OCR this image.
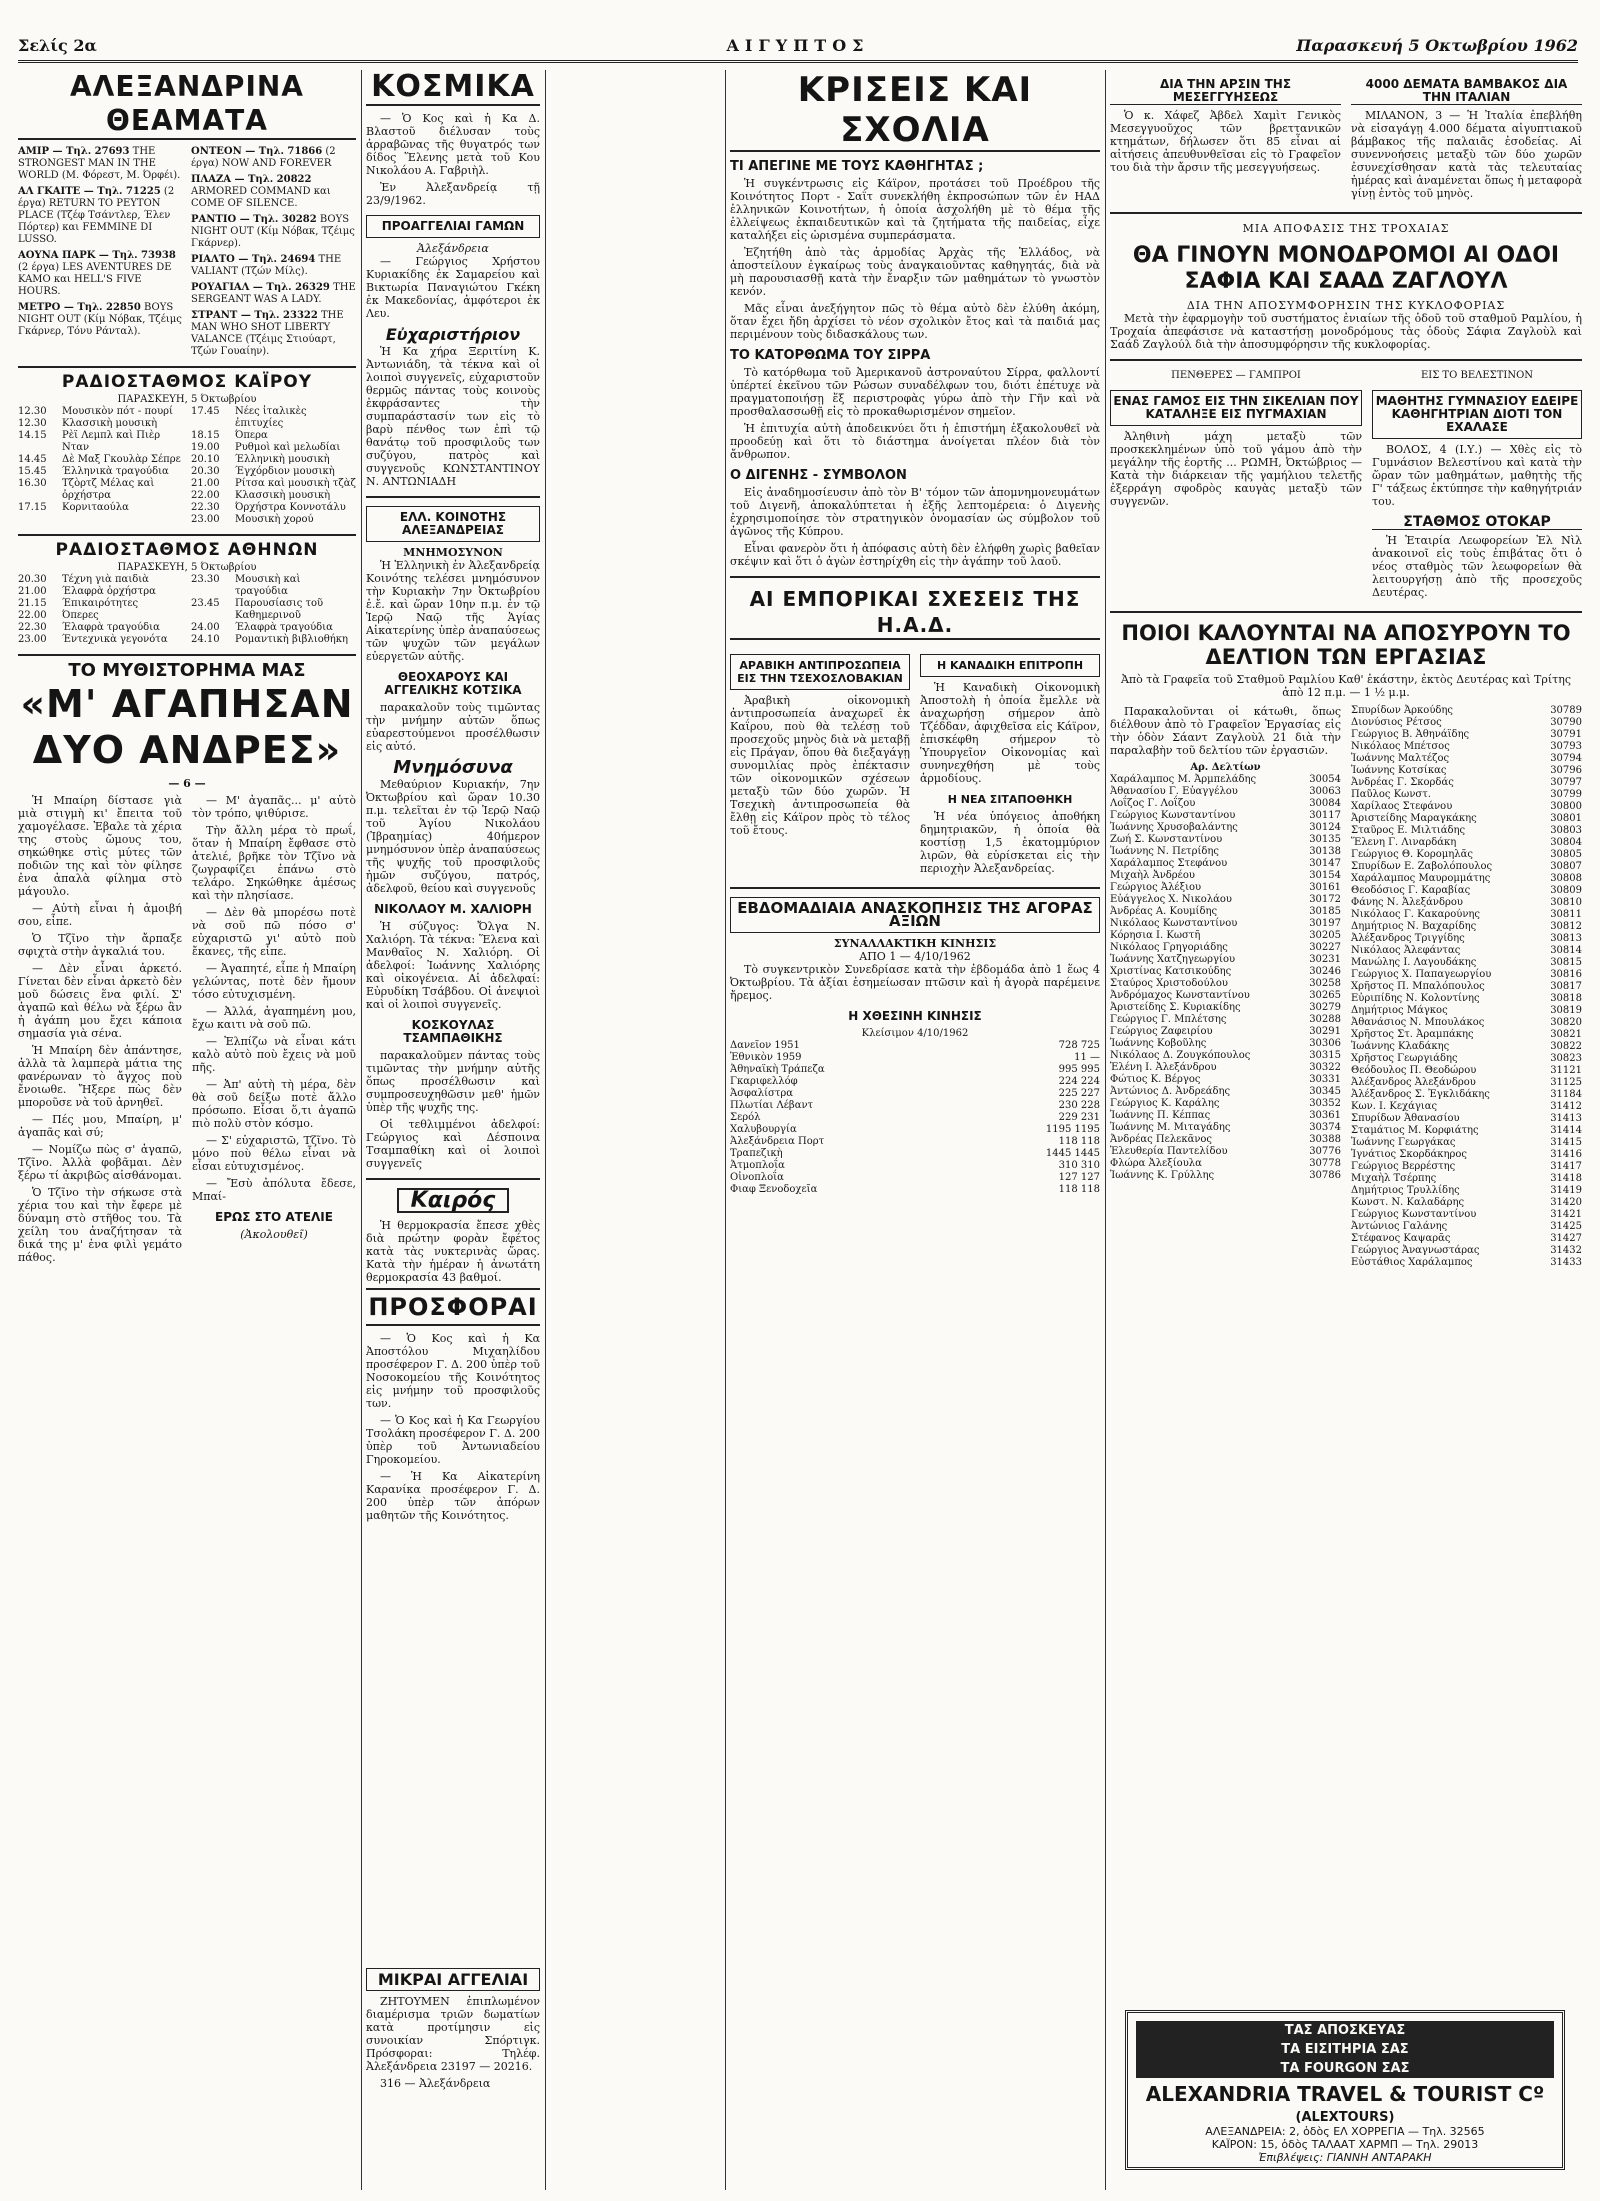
Σελίς 2α	ΑΙΓΥΠΤΟΣ	Παρασκευή 5 Οκτωβρίου 1962
ΑΛΕΞΑΝΔΡΙΝΑ ΘΕΑΜΑΤΑ
ΑΜΙΡ — Τηλ. 27693 THE STRONGEST MAN IN THE WORLD (Μ. Φόρεστ, Μ. Όρφέι).
ΑΛ ΓΚΑΙΤΕ — Τηλ. 71225 (2 έργα) RETURN TO PEYTON PLACE (Τζέφ Τσάντλερ, Έλεν Πόρτερ) και FEMMINE DI LUSSO.
ΑΟΥΝΑ ΠΑΡΚ — Τηλ. 73938 (2 έργα) LES AVENTURES DE KAMO και HELL'S FIVE HOURS.
ΜΕΤΡΟ — Τηλ. 22850 BOYS NIGHT OUT (Κίμ Νόβακ, Τζέιμς Γκάρνερ, Τόνυ Ράνταλ).
ΟΝΤΕΟΝ — Τηλ. 71866 (2 έργα) NOW AND FOREVER
ΠΛΑΖΑ — Τηλ. 20822 ARMORED COMMAND και COME OF SILENCE.
ΡΑΝΤΙΟ — Τηλ. 30282 BOYS NIGHT OUT (Κίμ Νόβακ, Τζέιμς Γκάρνερ).
ΡΙΑΛΤΟ — Τηλ. 24694 THE VALIANT (Τζών Μίλς).
ΡΟΥΑΓΙΑΛ — Τηλ. 26329 THE SERGEANT WAS A LADY.
ΣΤΡΑΝΤ — Τηλ. 23322 THE MAN WHO SHOT LIBERTY VALANCE (Τζέιμς Στιούαρτ, Τζών Γουαίην).
ΡΑΔΙΟΣΤΑΘΜΟΣ ΚΑΪΡΟΥ
ΠΑΡΑΣΚΕΥΗ, 5 Όκτωβρίου
12.30	Μουσικὸν πότ - πουρί
12.30	Κλασσικὴ μουσικὴ
14.15	Ρὲϊ Λεμπλ καὶ Πιὲρ Νταν
14.45	Δὲ Μαξ Γκουλὰρ Σέπρε
15.45	Έλληνικὰ τραγούδια
16.30	Τζὸρτζ Μέλας καὶ ὀρχήστρα
17.15	Κορνιταούλα
17.45	Νέες ἰταλικὲς ἐπιτυχίες
18.15	Όπερα
19.00	Ρυθμοὶ καὶ μελωδίαι
20.10	Έλληνικὴ μουσικὴ
20.30	Έγχόρδιον μουσικὴ
21.00	Ρίτσα καὶ μουσικὴ τζὰζ
22.00	Κλασσικὴ μουσικὴ
22.30	Όρχήστρα Κοννοτάλυ
23.00	Μουσικὴ χορού
ΡΑΔΙΟΣΤΑΘΜΟΣ ΑΘΗΝΩΝ
ΠΑΡΑΣΚΕΥΗ, 5 Όκτωβρίου
20.30	Τέχνη γιὰ παιδιὰ
21.00	Έλαφρὰ ὀρχήστρα
21.15	Έπικαιρότητες
22.00	Όπερες
22.30	Έλαφρὰ τραγούδια
23.00	Έντεχνικὰ γεγονότα
23.30	Μουσικὴ καὶ τραγούδια
23.45	Παρουσίασις τοῦ Καθημερινοῦ
24.00	Έλαφρὰ τραγούδια
24.10	Ρομαντικὴ βιβλιοθήκη
ΤΟ ΜΥΘΙΣΤΟΡΗΜΑ ΜΑΣ
«Μ' ΑΓΑΠΗΣΑΝ ΔΥΟ ΑΝΔΡΕΣ»
— 6 —

Ἡ Μπαίρη δίστασε γιὰ μιὰ στιγμὴ κι' ἔπειτα τοῦ χαμογέλασε. Ἐβαλε τὰ χέρια της στοὺς ὤμους του, σηκώθηκε στὶς μύτες τῶν ποδιῶν της καὶ τὸν φίλησε ἐνα ἀπαλὰ φίλημα στὸ μάγουλο.

— Αὐτὴ εἶναι ἡ ἀμοιβή σου, εἶπε.

Ὁ Τζῖνο τὴν ἄρπαξε σφιχτὰ στὴν ἀγκαλιά του.

— Δὲν εἶναι ἀρκετό. Γίνεται δὲν εἶναι ἀρκετὸ δὲν μοῦ δώσεις ἕνα φιλί. Σ' ἀγαπῶ καὶ θέλω νὰ ξέρω ἂν ἡ ἀγάπη μου ἔχει κάποια σημασία γιὰ σένα.

Ἡ Μπαίρη δὲν ἀπάντησε, ἀλλὰ τὰ λαμπερὰ μάτια της φανέρωναν τὸ ἄγχος ποὺ ἔνοιωθε. Ἤξερε πὼς δὲν μποροῦσε νὰ τοῦ ἀρνηθεῖ.

— Πές μου, Μπαίρη, μ' ἀγαπᾶς καὶ σύ;

— Νομίζω πὼς σ' ἀγαπῶ, Τζῖνο. Ἀλλὰ φοβᾶμαι. Δὲν ξέρω τί ἀκριβῶς αἰσθάνομαι.

Ὁ Τζῖνο τὴν σήκωσε στὰ χέρια του καὶ τὴν ἔφερε μὲ δύναμη στὸ στῆθος του. Τὰ χείλη του ἀναζήτησαν τὰ δικά της μ' ἐνα φιλὶ γεμάτο πάθος.

— Μ' ἀγαπᾶς... μ' αὐτὸ τὸν τρόπο, ψιθύρισε.

Τὴν ἄλλη μέρα τὸ πρωΐ, ὅταν ἡ Μπαίρη ἔφθασε στὸ ἀτελιέ, βρῆκε τὸν Τζῖνο νὰ ζωγραφίζει ἐπάνω στὸ τελάρο. Σηκώθηκε ἀμέσως καὶ τὴν πλησίασε.

— Δὲν θὰ μπορέσω ποτὲ νὰ σοῦ πῶ πόσο σ' εὐχαριστῶ γι' αὐτὸ ποὺ ἔκανες, τῆς εἶπε.

— Ἀγαπητέ, εἶπε ἡ Μπαίρη γελώντας, ποτὲ δὲν ἤμουν τόσο εὐτυχισμένη.

— Ἀλλά, ἀγαπημένη μου, ἔχω καιτι νὰ σοῦ πῶ.

— Ἐλπίζω νὰ εἶναι κάτι καλὸ αὐτὸ ποὺ ἔχεις νὰ μοῦ πῆς.

— Ἀπ' αὐτὴ τὴ μέρα, δὲν θὰ σοῦ δείξω ποτὲ ἄλλο πρόσωπο. Εἶσαι ὅ,τι ἀγαπῶ πιὸ πολὺ στὸν κόσμο.

— Σ' εὐχαριστῶ, Τζῖνο. Τὸ μόνο ποὺ θέλω εἶναι νὰ εἶσαι εὐτυχισμένος.

— Ἔσὺ ἀπόλυτα ἔδεσε, Μπαί-

ΕΡΩΣ ΣΤΟ ΑΤΕΛΙΕ
(Ἀκολουθεῖ)
ΚΟΣΜΙΚΑ

— Ὁ Κος καὶ ἡ Κα Δ. Βλαστοῦ διέλυσαν τοὺς ἀρραβῶνας τῆς θυγατρός των δίδος Ἕλενης μετὰ τοῦ Κου Νικολάου Α. Γαβριὴλ.

Ἐν Ἀλεξανδρείᾳ τῇ 23/9/1962.

ΠΡΟΑΓΓΕΛΙΑΙ ΓΑΜΩΝ
Ἀλεξάνδρεια

— Γεώργιος Χρήστου Κυριακίδης ἐκ Σαμαρείου καὶ Βικτωρία Παναγιώτου Γκέκη ἐκ Μακεδονίας, ἀμφότεροι ἐκ Λευ.

Εὐχαριστήριον

Ἡ Κα χήρα Ξεριτίνη Κ. Ἀντωνιάδη, τὰ τέκνα καὶ οἱ λοιποὶ συγγενεῖς, εὐχαριστοῦν θερμῶς πάντας τοὺς κοινοὺς ἐκφράσαντες τὴν συμπαράστασίν των εἰς τὸ βαρὺ πένθος των ἐπὶ τῷ θανάτῳ τοῦ προσφιλοῦς των συζύγου, πατρὸς καὶ συγγενοῦς ΚΩΝΣΤΑΝΤΙΝΟΥ Ν. ΑΝΤΩΝΙΑΔΗ

ΕΛΛ. ΚΟΙΝΟΤΗΣ ΑΛΕΞΑΝΔΡΕΙΑΣ
ΜΝΗΜΟΣΥΝΟΝ

Ἡ Ἑλληνικὴ ἐν Ἀλεξανδρείᾳ Κοινότης τελέσει μνημόσυνον τὴν Κυριακὴν 7ην Ὀκτωβρίου ἐ.ἔ. καὶ ὥραν 10ην π.μ. ἐν τῷ Ἱερῷ Ναῷ τῆς Ἁγίας Αἰκατερίνης ὑπὲρ ἀναπαύσεως τῶν ψυχῶν τῶν μεγάλων εὐεργετῶν αὐτῆς.

ΘΕΟΧΑΡΟΥΣ ΚΑΙ ΑΓΓΕΛΙΚΗΣ ΚΟΤΣΙΚΑ

παρακαλοῦν τοὺς τιμῶντας τὴν μνήμην αὐτῶν ὅπως εὐαρεστούμενοι προσέλθωσιν εἰς αὐτό.

Μνημόσυνα

Μεθαύριον Κυριακήν, 7ην Ὀκτωβρίου καὶ ὥραν 10.30 π.μ. τελεῖται ἐν τῷ Ἱερῷ Ναῷ τοῦ Ἁγίου Νικολάου (Ἰβραημίας) 40ήμερον μνημόσυνον ὑπὲρ ἀναπαύσεως τῆς ψυχῆς τοῦ προσφιλοῦς ἡμῶν συζύγου, πατρός, ἀδελφοῦ, θείου καὶ συγγενοῦς

ΝΙΚΟΛΑΟΥ Μ. ΧΑΛΙΟΡΗ

Ἡ σύζυγος: Ὄλγα Ν. Χαλιόρη. Τὰ τέκνα: Ἕλενα καὶ Μανθαῖος Ν. Χαλιόρη. Οἱ ἀδελφοί: Ἰωάννης Χαλιόρης καὶ οἰκογένεια. Αἱ ἀδελφαί: Εὐρυδίκη Τσάβδου. Οἱ ἀνεψιοὶ καὶ οἱ λοιποὶ συγγενεῖς.

ΚΟΣΚΟΥΛΑΣ ΤΣΑΜΠΑΘΙΚΗΣ

παρακαλοῦμεν πάντας τοὺς τιμῶντας τὴν μνήμην αὐτῆς ὅπως προσέλθωσιν καὶ συμπροσευχηθῶσιν μεθ' ἡμῶν ὑπὲρ τῆς ψυχῆς της.

Οἱ τεθλιμμένοι ἀδελφοί: Γεώργιος καὶ Δέσποινα Τσαμπαθίκη καὶ οἱ λοιποὶ συγγενεῖς

Καιρός

Ἡ θερμοκρασία ἔπεσε χθὲς διὰ πρώτην φορὰν ἔφέτος κατὰ τὰς νυκτερινὰς ὥρας. Κατὰ τὴν ἡμέραν ἡ ἀνωτάτη θερμοκρασία 43 βαθμοί.

ΠΡΟΣΦΟΡΑΙ

— Ὁ Κος καὶ ἡ Κα Ἀποστόλου Μιχαηλίδου προσέφερον Γ. Δ. 200 ὑπὲρ τοῦ Νοσοκομείου τῆς Κοινότητος εἰς μνήμην τοῦ προσφιλοῦς των.

— Ὁ Κος καὶ ἡ Κα Γεωργίου Τσολάκη προσέφερον Γ. Δ. 200 ὑπὲρ τοῦ Ἀντωνιαδείου Γηροκομείου.

— Ἡ Κα Αἰκατερίνη Καρανίκα προσέφερον Γ. Δ. 200 ὑπὲρ τῶν ἀπόρων μαθητῶν τῆς Κοινότητος.

ΚΡΙΣΕΙΣ ΚΑΙ ΣΧΟΛΙΑ
ΤΙ ΑΠΕΓΙΝΕ ΜΕ ΤΟΥΣ ΚΑΘΗΓΗΤΑΣ ;

Ἡ συγκέντρωσις εἰς Κάϊρον, προτάσει τοῦ Προέδρου τῆς Κοινότητος Πορτ - Σαΐτ συνεκλήθη ἐκπροσώπων τῶν ἐν ΗΑΔ ἑλληνικῶν Κοινοτήτων, ἡ ὁποία ἀσχολήθη μὲ τὸ θέμα τῆς ἐλλείψεως ἐκπαιδευτικῶν καὶ τὰ ζητήματα τῆς παιδείας, εἶχε καταλήξει εἰς ὡρισμένα συμπεράσματα.

Ἐζητήθη ἀπὸ τὰς ἀρμοδίας Ἀρχὰς τῆς Ἑλλάδος, νὰ ἀποστείλουν ἐγκαίρως τοὺς ἀναγκαιοῦντας καθηγητάς, διὰ νὰ μὴ παρουσιασθῇ κατὰ τὴν ἔναρξιν τῶν μαθημάτων τὸ γνωστὸν κενόν.

Μᾶς εἶναι ἀνεξήγητον πῶς τὸ θέμα αὐτὸ δὲν ἐλύθη ἀκόμη, ὅταν ἔχει ἤδη ἀρχίσει τὸ νέον σχολικὸν ἔτος καὶ τὰ παιδιά μας περιμένουν τοὺς διδασκάλους των.

ΤΟ ΚΑΤΟΡΘΩΜΑ ΤΟΥ ΣΙΡΡΑ

Τὸ κατόρθωμα τοῦ Ἀμερικανοῦ ἀστροναύτου Σίρρα, φαλλοντί ὑπέρτεί ἐκεῖνου τῶν Ρώσων συναδέλφων του, διότι ἐπέτυχε νὰ πραγματοποιήσῃ ἕξ περιστροφὰς γύρω ἀπὸ τὴν Γῆν καὶ νὰ προσθαλασσωθῇ εἰς τὸ προκαθωρισμένον σημεῖον.

Ἡ ἐπιτυχία αὐτὴ ἀποδεικνύει ὅτι ἡ ἐπιστήμη ἐξακολουθεῖ νὰ προοδεύῃ καὶ ὅτι τὸ διάστημα ἀνοίγεται πλέον διὰ τὸν ἄνθρωπον.

Ο ΔΙΓΕΝΗΣ - ΣΥΜΒΟΛΟΝ

Εἰς ἀναδημοσίευσιν ἀπὸ τὸν Β' τόμον τῶν ἀπομνημονευμάτων τοῦ Διγενῆ, ἀποκαλύπτεται ἡ ἐξῆς λεπτομέρεια: ὁ Διγενὴς ἐχρησιμοποίησε τὸν στρατηγικὸν ὀνομασίαν ὡς σύμβολον τοῦ ἀγῶνος τῆς Κύπρου.

Εἶναι φανερὸν ὅτι ἡ ἀπόφασις αὐτὴ δὲν ἐλήφθη χωρὶς βαθεῖαν σκέψιν καὶ ὅτι ὁ ἀγὼν ἐστηρίχθη εἰς τὴν ἀγάπην τοῦ λαοῦ.

ΑΙ ΕΜΠΟΡΙΚΑΙ ΣΧΕΣΕΙΣ ΤΗΣ Η.Α.Δ.
ΑΡΑΒΙΚΗ ΑΝΤΙΠΡΟΣΩΠΕΙΑ ΕΙΣ ΤΗΝ ΤΣΕΧΟΣΛΟΒΑΚΙΑΝ

Ἀραβικὴ οἰκονομικὴ ἀντιπροσωπεία ἀναχωρεῖ ἐκ Καΐρου, ποὺ θὰ τελέσῃ τοῦ προσεχοῦς μηνὸς διὰ νὰ μεταβῇ εἰς Πράγαν, ὅπου θὰ διεξαγάγῃ συνομιλίας πρὸς ἐπέκτασιν τῶν οἰκονομικῶν σχέσεων μεταξὺ τῶν δύο χωρῶν. Ἡ Τσεχικὴ ἀντιπροσωπεία θὰ ἔλθῃ εἰς Κάϊρον πρὸς τὸ τέλος τοῦ ἔτους.

Η ΚΑΝΑΔΙΚΗ ΕΠΙΤΡΟΠΗ

Ἡ Καναδικὴ Οἰκονομικὴ Ἀποστολὴ ἡ ὁποία ἔμελλε νὰ ἀναχωρήσῃ σήμερον ἀπὸ Τζέδδαν, ἀφιχθεῖσα εἰς Κάϊρον, ἐπισκέφθη σήμερον τὸ Ὑπουργεῖον Οἰκονομίας καὶ συνηνεχθήση μὲ τοὺς ἁρμοδίους.

Η ΝΕΑ ΣΙΤΑΠΟΘΗΚΗ

Ἡ νέα ὑπόγειος ἀποθήκη δημητριακῶν, ἡ ὁποία θὰ κοστίσῃ 1,5 ἑκατομμύριον λιρῶν, θὰ εὑρίσκεται εἰς τὴν περιοχὴν Ἀλεξανδρείας.

ΕΒΔΟΜΑΔΙΑΙΑ ΑΝΑΣΚΟΠΗΣΙΣ ΤΗΣ ΑΓΟΡΑΣ ΑΞΙΩΝ
ΣΥΝΑΛΛΑΚΤΙΚΗ ΚΙΝΗΣΙΣ
ΑΠΟ 1 — 4/10/1962

Τὸ συγκεντρικὸν Συνεδρίασε κατὰ τὴν ἐβδομάδα ἀπὸ 1 ἕως 4 Ὀκτωβρίου. Τὰ ἀξίαι ἐσημείωσαν πτῶσιν καὶ ἡ ἀγορὰ παρέμεινε ἤρεμος.

Η ΧΘΕΣΙΝΗ ΚΙΝΗΣΙΣ
Κλείσιμον 4/10/1962
Δανεῖον 1951	728 725
Ἐθνικὸν 1959	11 —
Ἀθηναϊκὴ Τράπεζα	995 995
Γκαριφελλόφ	224 224
Ἀσφαλίστρα	225 227
Πλωτίαι Λέβαντ	230 228
Σερόλ	229 231
Χαλυβουργία	1195 1195
Ἀλεξάνδρεια Πορτ	118 118
Τραπεζικὴ	1445 1445
Ἀτμοπλοΐα	310 310
Οἰνοπλοΐα	127 127
Φιαφ Ξενοδοχεῖα	118 118
ΔΙΑ ΤΗΝ ΑΡΣΙΝ ΤΗΣ ΜΕΣΕΓΓΥΗΣΕΩΣ

Ὁ κ. Χάφεζ Ἀβδελ Χαμὶτ Γενικὸς Μεσεγγυοῦχος τῶν βρεττανικῶν κτημάτων, δήλωσεν ὅτι 85 εἶναι αἱ αἰτήσεις ἀπευθυνθεῖσαι εἰς τὸ Γραφεῖον του διὰ τὴν ἄρσιν τῆς μεσεγγυήσεως.

4000 ΔΕΜΑΤΑ ΒΑΜΒΑΚΟΣ ΔΙΑ ΤΗΝ ΙΤΑΛΙΑΝ

ΜΙΛΑΝΟΝ, 3 — Ἡ Ἰταλία ἐπεβλήθη νὰ εἰσαγάγῃ 4.000 δέματα αἰγυπτιακοῦ βάμβακος τῆς παλαιᾶς ἐσοδείας. Αἱ συνεννοήσεις μεταξὺ τῶν δύο χωρῶν ἐσυνεχίσθησαν κατὰ τὰς τελευταίας ἡμέρας καὶ ἀναμένεται ὅπως ἡ μεταφορὰ γίνῃ ἐντὸς τοῦ μηνὸς.

ΜΙΑ ΑΠΟΦΑΣΙΣ ΤΗΣ ΤΡΟΧΑΙΑΣ
ΘΑ ΓΙΝΟΥΝ ΜΟΝΟΔΡΟΜΟΙ ΑΙ ΟΔΟΙ ΣΑΦΙΑ ΚΑΙ ΣΑΑΔ ΖΑΓΛΟΥΛ
ΔΙΑ ΤΗΝ ΑΠΟΣΥΜΦΟΡΗΣΙΝ ΤΗΣ ΚΥΚΛΟΦΟΡΙΑΣ

Μετὰ τὴν ἐφαρμογὴν τοῦ συστήματος ἐνιαίων τῆς ὁδοῦ τοῦ σταθμοῦ Ραμλίου, ἡ Τροχαία ἀπεφάσισε νὰ καταστήσῃ μονοδρόμους τὰς ὁδοὺς Σάφια Ζαγλοὺλ καὶ Σαάδ Ζαγλούλ διὰ τὴν ἀποσυμφόρησιν τῆς κυκλοφορίας.

ΠΕΝΘΕΡΕΣ — ΓΑΜΠΡΟΙ
ΕΝΑΣ ΓΑΜΟΣ ΕΙΣ ΤΗΝ ΣΙΚΕΛΙΑΝ ΠΟΥ ΚΑΤΑΛΗΞΕ ΕΙΣ ΠΥΓΜΑΧΙΑΝ

Ἀληθινὴ μάχη μεταξὺ τῶν προσκεκλημένων ὑπὸ τοῦ γάμου ἀπὸ τὴν μεγάλην τῆς ἑορτῆς ... ΡΩΜΗ, Ὀκτώβριος — Κατὰ τὴν διάρκειαν τῆς γαμήλιου τελετῆς ἐξερράγη σφοδρὸς καυγὰς μεταξὺ τῶν συγγενῶν.

ΕΙΣ ΤΟ ΒΕΛΕΣΤΙΝΟΝ
ΜΑΘΗΤΗΣ ΓΥΜΝΑΣΙΟΥ ΕΔΕΙΡΕ ΚΑΘΗΓΗΤΡΙΑΝ ΔΙΟΤΙ ΤΟΝ ΕΧΑΛΑΣΕ

ΒΟΛΟΣ, 4 (Ι.Υ.) — Χθὲς εἰς τὸ Γυμνάσιον Βελεστίνου καὶ κατὰ τὴν ὥραν τῶν μαθημάτων, μαθητὴς τῆς Γ' τάξεως ἐκτύπησε τὴν καθηγήτριάν του.

ΣΤΑΘΜΟΣ ΟΤΟΚΑΡ

Ἡ Ἑταιρία Λεωφορείων Ἐλ Νὶλ ἀνακοινοῖ εἰς τοὺς ἐπιβάτας ὅτι ὁ νέος σταθμὸς τῶν λεωφορείων θὰ λειτουργήσῃ ἀπὸ τῆς προσεχοῦς Δευτέρας.

ΠΟΙΟΙ ΚΑΛΟΥΝΤΑΙ ΝΑ ΑΠΟΣΥΡΟΥΝ ΤΟ ΔΕΛΤΙΟΝ ΤΩΝ ΕΡΓΑΣΙΑΣ
Ἀπὸ τὰ Γραφεῖα τοῦ Σταθμοῦ Ραμλίου Καθ' ἑκάστην, ἐκτὸς Δευτέρας καὶ Τρίτης ἀπὸ 12 π.μ. — 1 ½ μ.μ.

Παρακαλοῦνται οἱ κάτωθι, ὅπως διέλθουν ἀπὸ τὸ Γραφεῖον Ἐργασίας εἰς τὴν ὁδὸν Σάαντ Ζαγλοὺλ 21 διὰ τὴν παραλαβὴν τοῦ δελτίου τῶν ἐργασιῶν.

Αρ. Δελτίων
Χαράλαμπος Μ. Ἀρμπελάδης	30054
Ἀθανασίου Γ. Εὐαγγέλου	30063
Λοΐζος Γ. Λοΐζου	30084
Γεώργιος Κωνσταντίνου	30117
Ἰωάννης Χρυσοβαλάντης	30124
Ζωή Σ. Κωνσταντίνου	30135
Ἰωάννης Ν. Πετρίδης	30138
Χαράλαμπος Στεφάνου	30147
Μιχαὴλ Ἀνδρέου	30154
Γεώργιος Ἀλέξιου	30161
Εὐάγγελος Χ. Νικολάου	30172
Ἀνδρέας Α. Κουμίδης	30185
Νικόλαος Κωνσταντίνου	30197
Κόρησια Ι. Κωστῆ	30205
Νικόλαος Γρηγοριάδης	30227
Ἰωάννης Χατζηγεωργίου	30231
Χριστίνας Κατσικούδης	30246
Σταύρος Χριστοδούλου	30258
Ἀνδρόμαχος Κωνσταντίνου	30265
Ἀριστείδης Σ. Κυριακίδης	30279
Γεώργιος Γ. Μπλέτσης	30288
Γεώργιος Ζαφειρίου	30291
Ἰωάννης Κοβοῦλης	30306
Νικόλαος Δ. Ζουγκόπουλος	30315
Ἑλένη Ι. Ἀλεξάνδρου	30322
Φώτιος Κ. Βέργος	30331
Ἀντώνιος Δ. Ἀνδρεάδης	30345
Γεώργιος Κ. Καράλης	30352
Ἰωάννης Π. Κέππας	30361
Ἰωάννης Μ. Μιταγάδης	30374
Ἀνδρέας Πελεκᾶνος	30388
Ἑλευθερία Παντελίδου	30776
Φλώρα Ἀλεξίουλα	30778
Ἰωάννης Κ. Γρύλλης	30786
Σπυρίδων Ἀρκούδης	30789
Διονύσιος Ρέτσος	30790
Γεώργιος Β. Ἀθηνάϊδης	30791
Νικόλαος Μπέτσος	30793
Ἰωάννης Μαλτέζος	30794
Ἰωάννης Κοτσίκας	30796
Ἀνδρέας Γ. Σκορδάς	30797
Παῦλος Κωνστ.	30799
Χαρίλαος Στεφάνου	30800
Ἀριστείδης Μαραγκάκης	30801
Σταῦρος Ε. Μιλτιάδης	30803
Ἕλενη Γ. Λιναρδάκη	30804
Γεώργιος Θ. Κορομηλᾶς	30805
Σπυρίδων Ε. Ζαβολόπουλος	30807
Χαράλαμπος Μαυρομμάτης	30808
Θεοδόσιος Γ. Καραβίας	30809
Φάνης Ν. Ἀλεξάνδρου	30810
Νικόλαος Γ. Κακαρούνης	30811
Δημήτριος Ν. Βαχαρίδης	30812
Ἀλέξανδρος Τριγγίδης	30813
Νικόλαος Ἀλεφάντας	30814
Μανώλης Ι. Λαγουδάκης	30815
Γεώργιος Χ. Παπαγεωργίου	30816
Χρῆστος Π. Μπαλόπουλος	30817
Εὐριπίδης Ν. Κολοντίνης	30818
Δημήτριος Μάγκος	30819
Ἀθανάσιος Ν. Μπουλάκος	30820
Χρῆστος Στ. Ἀραμπάκης	30821
Ἰωάννης Κλαδάκης	30822
Χρῆστος Γεωργιάδης	30823
Θεόδουλος Π. Θεοδώρου	31121
Ἀλέξανδρος Ἀλεξάνδρου	31125
Ἀλέξανδρος Σ. Ἐγκλιδάκης	31184
Κων. Ι. Κεχάγιας	31412
Σπυρίδων Ἀθανασίου	31413
Σταμάτιος Μ. Κορφιάτης	31414
Ἰωάννης Γεωργάκας	31415
Ἰγνάτιος Σκορδάκηρος	31416
Γεώργιος Βερρέστης	31417
Μιχαὴλ Τσέρπης	31418
Δημήτριος Τρυλλίδης	31419
Κωνστ. Ν. Καλαδάρης	31420
Γεώργιος Κωνσταντίνου	31421
Ἀντώνιος Γαλάνης	31425
Στέφανος Καψαρᾶς	31427
Γεώργιος Ἀναγνωστάρας	31432
Εὐστάθιος Χαράλαμπος	31433
ΜΙΚΡΑΙ ΑΓΓΕΛΙΑΙ

ΖΗΤΟΥΜΕΝ ἐπιπλωμένον διαμέρισμα τριῶν δωματίων κατὰ προτίμησιν εἰς συνοικίαν Σπόρτιγκ. Πρόσφοραι: Τηλέφ. Ἀλεξάνδρεια 23197 — 20216.

316 — Ἀλεξάνδρεια

ΤΑΣ ΑΠΟΣΚΕΥΑΣ
ΤΑ ΕΙΣΙΤΗΡΙΑ ΣΑΣ
ΤΑ FOURGON ΣΑΣ
ALEXANDRIA TRAVEL & TOURIST Cº
(ALEXTOURS)
ΑΛΕΞΑΝΔΡΕΙΑ: 2, ὁδὸς ΕΛ ΧΟΡΡΕΓΙΑ — Τηλ. 32565
ΚΑΪΡΟΝ: 15, ὁδὸς ΤΑΛΑΑΤ ΧΑΡΜΠ — Τηλ. 29013
Ἐπιβλέψεις: ΓΙΑΝΝΗ ΑΝΤΑΡΑΚΗ
